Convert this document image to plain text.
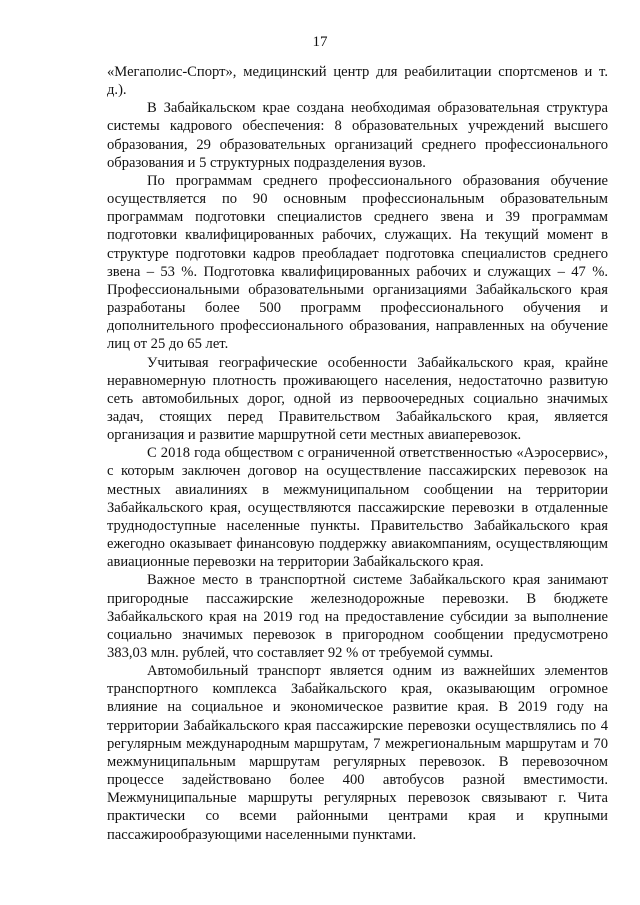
17

«Мегаполис-Спорт», медицинский центр для реабилитации спортсменов и т. д.).

В Забайкальском крае создана необходимая образовательная структура системы кадрового обеспечения: 8 образовательных учреждений высшего образования, 29 образовательных организаций среднего профессионального образования и 5 структурных подразделения вузов.

По программам среднего профессионального образования обучение осуществляется по 90 основным профессиональным образовательным программам подготовки специалистов среднего звена и 39 программам подготовки квалифицированных рабочих, служащих. На текущий момент в структуре подготовки кадров преобладает подготовка специалистов среднего звена – 53 %. Подготовка квалифицированных рабочих и служащих – 47 %. Профессиональными образовательными организациями Забайкальского края разработаны более 500 программ профессионального обучения и дополнительного профессионального образования, направленных на обучение лиц от 25 до 65 лет.

Учитывая географические особенности Забайкальского края, крайне неравномерную плотность проживающего населения, недостаточно развитую сеть автомобильных дорог, одной из первоочередных социально значимых задач, стоящих перед Правительством Забайкальского края, является организация и развитие маршрутной сети местных авиаперевозок.

С 2018 года обществом с ограниченной ответственностью «Аэросервис», с которым заключен договор на осуществление пассажирских перевозок на местных авиалиниях в межмуниципальном сообщении на территории Забайкальского края, осуществляются пассажирские перевозки в отдаленные труднодоступные населенные пункты. Правительство Забайкальского края ежегодно оказывает финансовую поддержку авиакомпаниям, осуществляющим авиационные перевозки на территории Забайкальского края.

Важное место в транспортной системе Забайкальского края занимают пригородные пассажирские железнодорожные перевозки. В бюджете Забайкальского края на 2019 год на предоставление субсидии за выполнение социально значимых перевозок в пригородном сообщении предусмотрено 383,03 млн. рублей, что составляет 92 % от требуемой суммы.

Автомобильный транспорт является одним из важнейших элементов транспортного комплекса Забайкальского края, оказывающим огромное влияние на социальное и экономическое развитие края. В 2019 году на территории Забайкальского края пассажирские перевозки осуществлялись по 4 регулярным международным маршрутам, 7 межрегиональным маршрутам и 70 межмуниципальным маршрутам регулярных перевозок. В перевозочном процессе задействовано более 400 автобусов разной вместимости. Межмуниципальные маршруты регулярных перевозок связывают г. Чита практически со всеми районными центрами края и крупными пассажирообразующими населенными пунктами.
